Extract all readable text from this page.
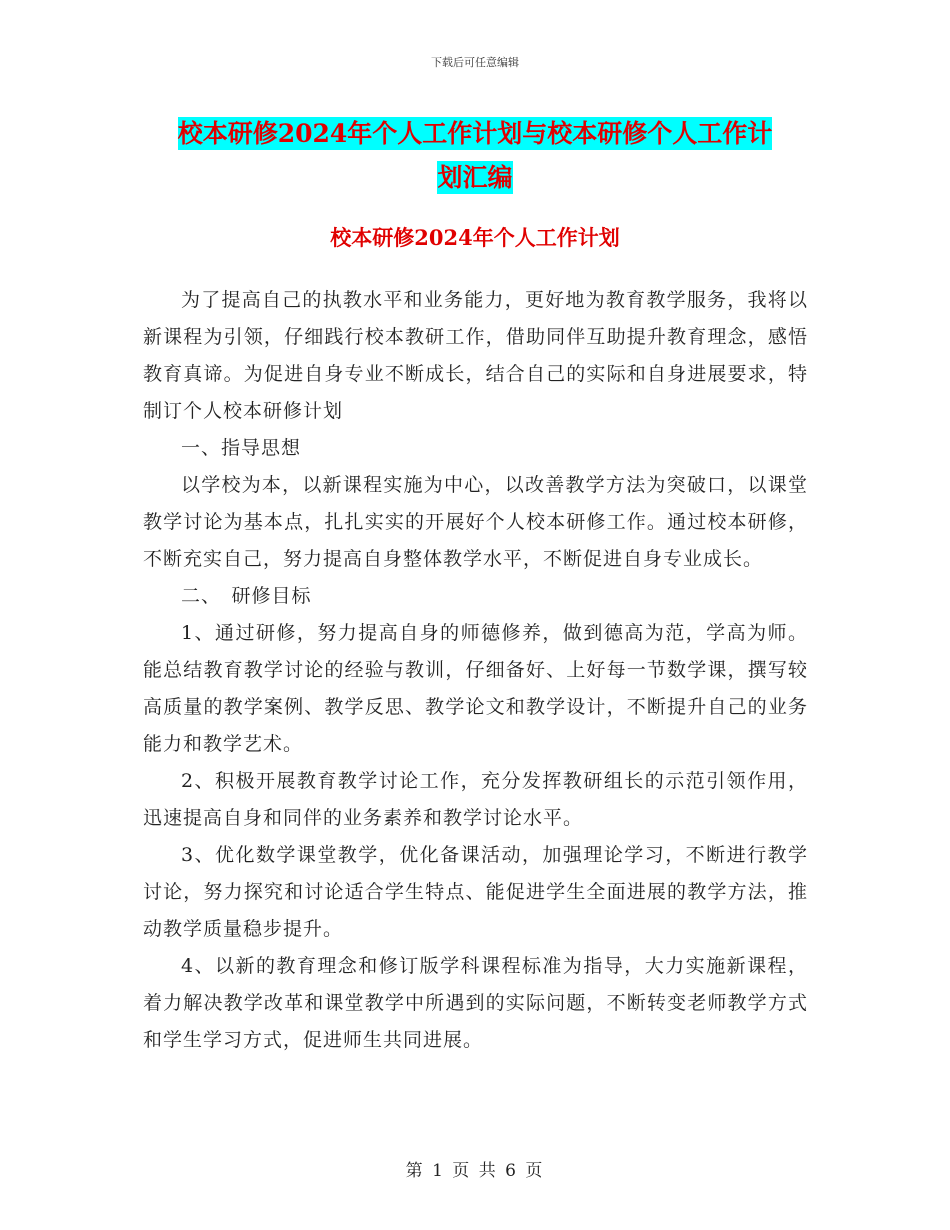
下载后可任意编辑
校本研修2024年个人工作计划与校本研修个人工作计
划汇编
校本研修2024年个人工作计划

为了提高自己的执教水平和业务能力，更好地为教育教学服务，我将以新课程为引领，仔细践行校本教研工作，借助同伴互助提升教育理念，感悟教育真谛。为促进自身专业不断成长，结合自己的实际和自身进展要求，特制订个人校本研修计划

一、指导思想

以学校为本，以新课程实施为中心，以改善教学方法为突破口，以课堂教学讨论为基本点，扎扎实实的开展好个人校本研修工作。通过校本研修，不断充实自己，努力提高自身整体教学水平，不断促进自身专业成长。

二、　研修目标

1、通过研修，努力提高自身的师德修养，做到德高为范，学高为师。能总结教育教学讨论的经验与教训，仔细备好、上好每一节数学课，撰写较高质量的教学案例、教学反思、教学论文和教学设计，不断提升自己的业务能力和教学艺术。

2、积极开展教育教学讨论工作，充分发挥教研组长的示范引领作用，迅速提高自身和同伴的业务素养和教学讨论水平。

3、优化数学课堂教学，优化备课活动，加强理论学习，不断进行教学讨论，努力探究和讨论适合学生特点、能促进学生全面进展的教学方法，推动教学质量稳步提升。

4、以新的教育理念和修订版学科课程标准为指导，大力实施新课程，着力解决教学改革和课堂教学中所遇到的实际问题，不断转变老师教学方式和学生学习方式，促进师生共同进展。

第 1 页 共 6 页
